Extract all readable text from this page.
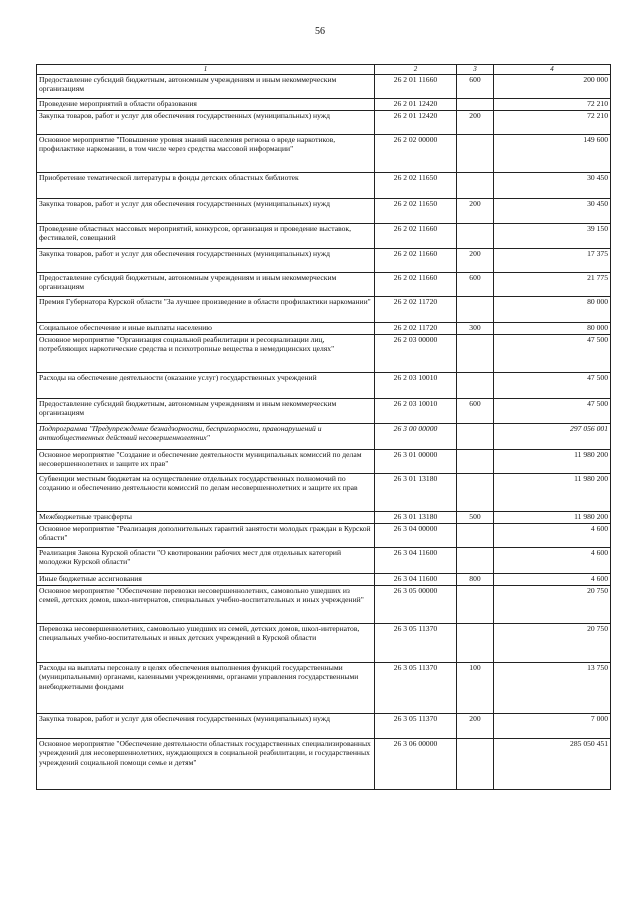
56
1	2	3	4
Предоставление субсидий бюджетным, автономным учреждениям и иным некоммерческим организациям	26 2 01 11660	600	200 000
Проведение мероприятий в области образования	26 2 01 12420		72 210
Закупка товаров, работ и услуг для обеспечения государственных (муниципальных) нужд	26 2 01 12420	200	72 210
Основное мероприятие "Повышение уровня знаний населения региона о вреде наркотиков, профилактике наркомании, в том числе через средства массовой информации"	26 2 02 00000		149 600
Приобретение тематической литературы в фонды детских областных библиотек	26 2 02 11650		30 450
Закупка товаров, работ и услуг для обеспечения государственных (муниципальных) нужд	26 2 02 11650	200	30 450
Проведение областных массовых мероприятий, конкурсов, организация и проведение выставок, фестивалей, совещаний	26 2 02 11660		39 150
Закупка товаров, работ и услуг для обеспечения государственных (муниципальных) нужд	26 2 02 11660	200	17 375
Предоставление субсидий бюджетным, автономным учреждениям и иным некоммерческим организациям	26 2 02 11660	600	21 775
Премия Губернатора Курской области "За лучшее произведение в области профилактики наркомании"	26 2 02 11720		80 000
Социальное обеспечение и иные выплаты населению	26 2 02 11720	300	80 000
Основное мероприятие "Организация социальной реабилитации и ресоциализации лиц, потребляющих наркотические средства и психотропные вещества в немедицинских целях"	26 2 03 00000		47 500
Расходы на обеспечение деятельности (оказание услуг) государственных учреждений	26 2 03 10010		47 500
Предоставление субсидий бюджетным, автономным учреждениям и иным некоммерческим организациям	26 2 03 10010	600	47 500
Подпрограмма "Предупреждение безнадзорности, беспризорности, правонарушений и антиобщественных действий несовершеннолетних"	26 3 00 00000		297 056 001
Основное мероприятие "Создание и обеспечение деятельности муниципальных комиссий по делам несовершеннолетних и защите их прав"	26 3 01 00000		11 980 200
Субвенции местным бюджетам на осуществление отдельных государственных полномочий по созданию и обеспечению деятельности комиссий по делам несовершеннолетних и защите их прав	26 3 01 13180		11 980 200
Межбюджетные трансферты	26 3 01 13180	500	11 980 200
Основное мероприятие "Реализация дополнительных гарантий занятости молодых граждан в Курской области"	26 3 04 00000		4 600
Реализация Закона Курской области "О квотировании рабочих мест для отдельных категорий молодежи Курской области"	26 3 04 11600		4 600
Иные бюджетные ассигнования	26 3 04 11600	800	4 600
Основное мероприятие "Обеспечение перевозки несовершеннолетних, самовольно ушедших из семей, детских домов, школ-интернатов, специальных учебно-воспитательных и иных учреждений"	26 3 05 00000		20 750
Перевозка несовершеннолетних, самовольно ушедших из семей, детских домов, школ-интернатов, специальных учебно-воспитательных и иных детских учреждений в Курской области	26 3 05 11370		20 750
Расходы на выплаты персоналу в целях обеспечения выполнения функций государственными (муниципальными) органами, казенными учреждениями, органами управления государственными внебюджетными фондами	26 3 05 11370	100	13 750
Закупка товаров, работ и услуг для обеспечения государственных (муниципальных) нужд	26 3 05 11370	200	7 000
Основное мероприятие "Обеспечение деятельности областных государственных специализированных учреждений для несовершеннолетних, нуждающихся в социальной реабилитации, и государственных учреждений социальной помощи семье и детям"	26 3 06 00000		285 050 451
